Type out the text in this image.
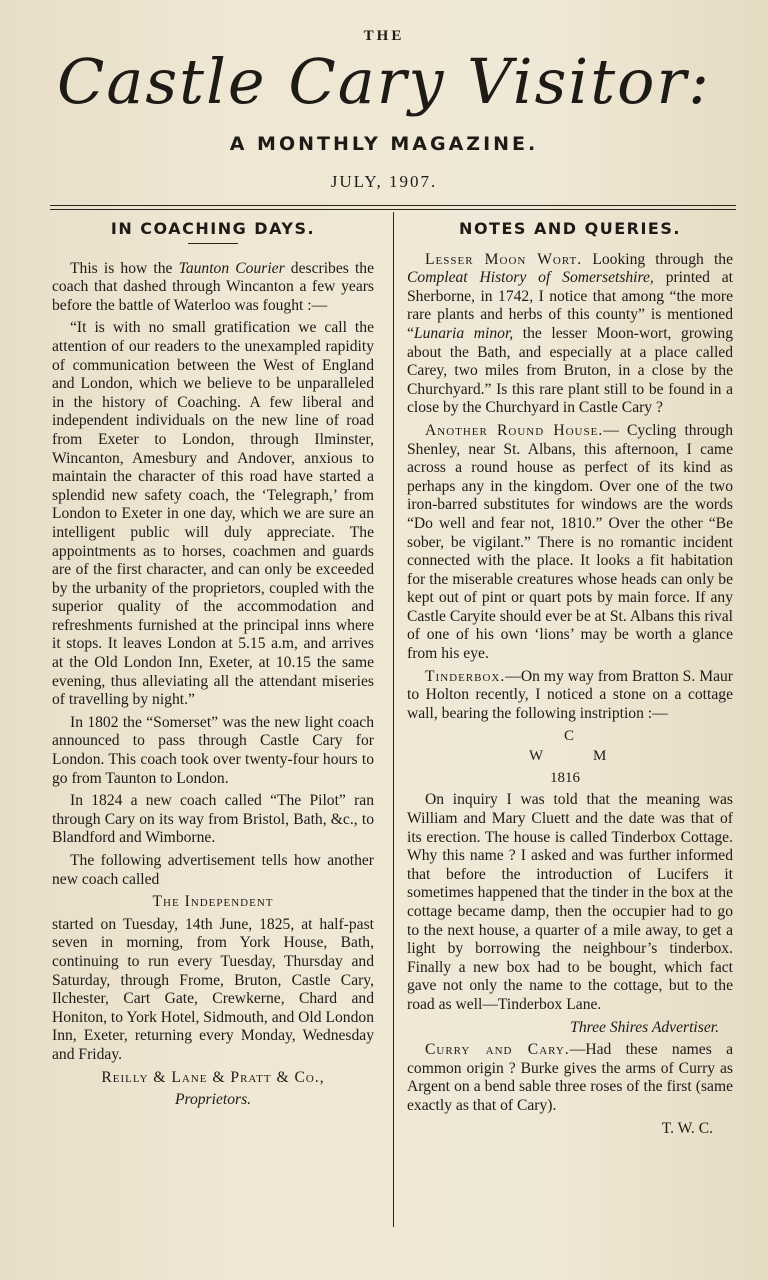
THE
Castle Cary Visitor:
A MONTHLY MAGAZINE.
JULY, 1907.
IN COACHING DAYS.

This is how the Taunton Courier describes the coach that dashed through Wincanton a few years before the battle of Waterloo was fought :—

“It is with no small gratification we call the attention of our readers to the unexampled rapidity of communication between the West of England and London, which we believe to be unparalleled in the history of Coaching. A few liberal and independent individuals on the new line of road from Exeter to London, through Ilminster, Wincanton, Amesbury and Andover, anxious to maintain the character of this road have started a splendid new safety coach, the ‘Telegraph,’ from London to Exeter in one day, which we are sure an intelligent public will duly appreciate. The appointments as to horses, coachmen and guards are of the first character, and can only be exceeded by the urbanity of the proprietors, coupled with the superior quality of the accommodation and refreshments furnished at the principal inns where it stops. It leaves London at 5.15 a.m, and arrives at the Old London Inn, Exeter, at 10.15 the same evening, thus alleviating all the attendant miseries of travelling by night.”

In 1802 the “Somerset” was the new light coach announced to pass through Castle Cary for London. This coach took over twenty-four hours to go from Taunton to London.

In 1824 a new coach called “The Pilot” ran through Cary on its way from Bristol, Bath, &c., to Blandford and Wimborne.

The following advertisement tells how another new coach called

The Independent

started on Tuesday, 14th June, 1825, at half-past seven in morning, from York House, Bath, continuing to run every Tuesday, Thursday and Saturday, through Frome, Bruton, Castle Cary, Ilchester, Cart Gate, Crewkerne, Chard and Honiton, to York Hotel, Sidmouth, and Old London Inn, Exeter, returning every Monday, Wednesday and Friday.

Reilly & Lane & Pratt & Co.,

Proprietors.

NOTES AND QUERIES.

Lesser Moon Wort. Looking through the Compleat History of Somersetshire, printed at Sherborne, in 1742, I notice that among “the more rare plants and herbs of this county” is mentioned “Lunaria minor, the lesser Moon-wort, growing about the Bath, and especially at a place called Carey, two miles from Bruton, in a close by the Churchyard.” Is this rare plant still to be found in a close by the Churchyard in Castle Cary ?

Another Round House.— Cycling through Shenley, near St. Albans, this afternoon, I came across a round house as perfect of its kind as perhaps any in the kingdom. Over one of the two iron-barred substitutes for windows are the words “Do well and fear not, 1810.” Over the other “Be sober, be vigilant.” There is no romantic incident connected with the place. It looks a fit habitation for the miserable creatures whose heads can only be kept out of pint or quart pots by main force. If any Castle Caryite should ever be at St. Albans this rival of one of his own ‘lions’ may be worth a glance from his eye.

Tinderbox.—On my way from Bratton S. Maur to Holton recently, I noticed a stone on a cottage wall, bearing the following instription :—

C
W	M
1816

On inquiry I was told that the meaning was William and Mary Cluett and the date was that of its erection. The house is called Tinderbox Cottage. Why this name ? I asked and was further informed that before the introduction of Lucifers it sometimes happened that the tinder in the box at the cottage became damp, then the occupier had to go to the next house, a quarter of a mile away, to get a light by borrowing the neighbour’s tinderbox. Finally a new box had to be bought, which fact gave not only the name to the cottage, but to the road as well—Tinderbox Lane.

Three Shires Advertiser.

Curry and Cary.—Had these names a common origin ? Burke gives the arms of Curry as Argent on a bend sable three roses of the first (same exactly as that of Cary).

T. W. C.
